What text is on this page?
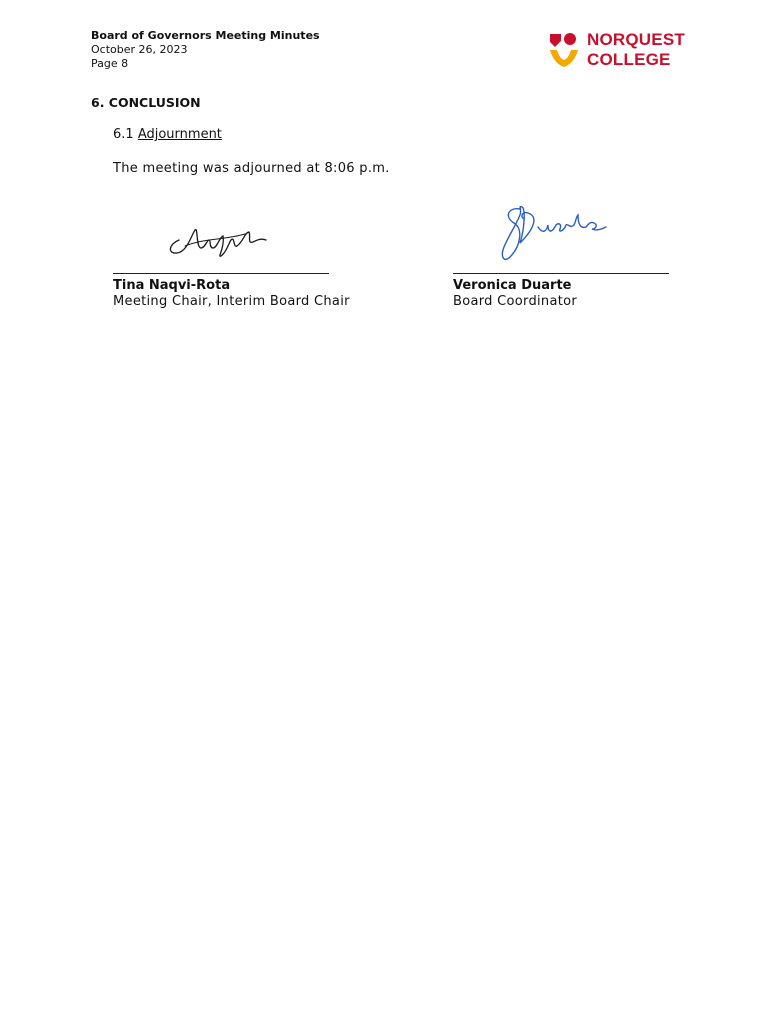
Board of Governors Meeting Minutes
October 26, 2023
Page 8
NORQUEST
COLLEGE
6. CONCLUSION
6.1 Adjournment
The meeting was adjourned at 8:06 p.m.
Tina Naqvi-Rota
Meeting Chair, Interim Board Chair
Veronica Duarte
Board Coordinator
